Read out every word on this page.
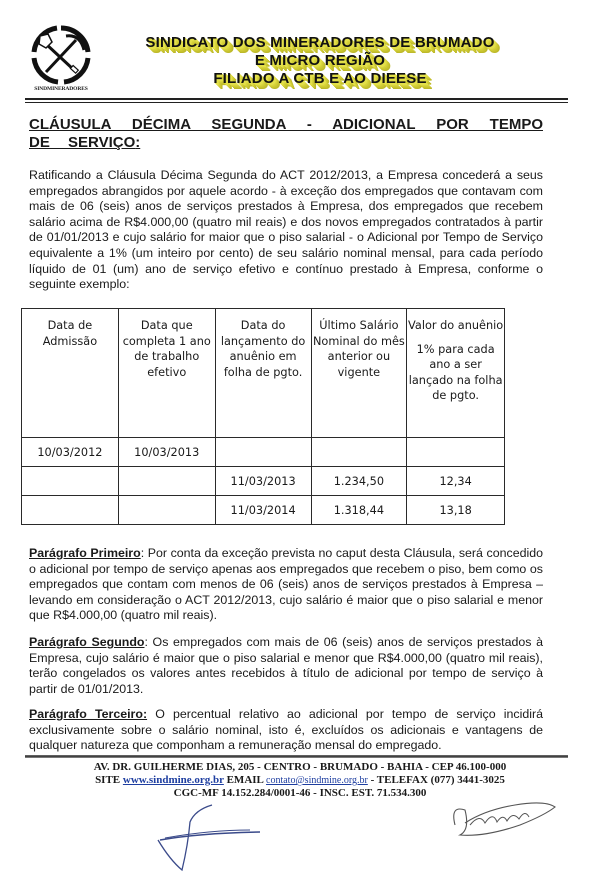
SINDMINERADORES
SINDICATO DOS MINERADORES DE BRUMADO
E MICRO REGIÃO
FILIADO A CTB E AO DIEESE
CLÁUSULA DÉCIMA SEGUNDA - ADICIONAL POR TEMPO DE SERVIÇO:
Ratificando a Cláusula Décima Segunda do ACT 2012/2013, a Empresa concederá a seus empregados abrangidos por aquele acordo - à exceção dos empregados que contavam com mais de 06 (seis) anos de serviços prestados à Empresa, dos empregados que recebem salário acima de R$4.000,00 (quatro mil reais) e dos novos empregados contratados à partir de 01/01/2013 e cujo salário for maior que o piso salarial - o Adicional por Tempo de Serviço equivalente a 1% (um inteiro por cento) de seu salário nominal mensal, para cada período líquido de 01 (um) ano de serviço efetivo e contínuo prestado à Empresa, conforme o seguinte exemplo:
Data de Admissão	Data que completa 1 ano de trabalho efetivo	Data do lançamento do anuênio em folha de pgto.	Último Salário Nominal do mês anterior ou vigente	Valor do anuênio
1% para cada ano a ser lançado na folha de pgto.
10/03/2012	10/03/2013			
		11/03/2013	1.234,50	12,34
		11/03/2014	1.318,44	13,18
Parágrafo Primeiro: Por conta da exceção prevista no caput desta Cláusula, será concedido o adicional por tempo de serviço apenas aos empregados que recebem o piso, bem como os empregados que contam com menos de 06 (seis) anos de serviços prestados à Empresa – levando em consideração o ACT 2012/2013, cujo salário é maior que o piso salarial e menor que R$4.000,00 (quatro mil reais).
Parágrafo Segundo: Os empregados com mais de 06 (seis) anos de serviços prestados à Empresa, cujo salário é maior que o piso salarial e menor que R$4.000,00 (quatro mil reais), terão congelados os valores antes recebidos à título de adicional por tempo de serviço à partir de 01/01/2013.
Parágrafo Terceiro: O percentual relativo ao adicional por tempo de serviço incidirá exclusivamente sobre o salário nominal, isto é, excluídos os adicionais e vantagens de qualquer natureza que componham a remuneração mensal do empregado.
AV. DR. GUILHERME DIAS, 205 - CENTRO - BRUMADO - BAHIA - CEP 46.100-000
SITE www.sindmine.org.br EMAIL contato@sindmine.org.br - TELEFAX (077) 3441-3025
CGC-MF 14.152.284/0001-46 - INSC. EST. 71.534.300
